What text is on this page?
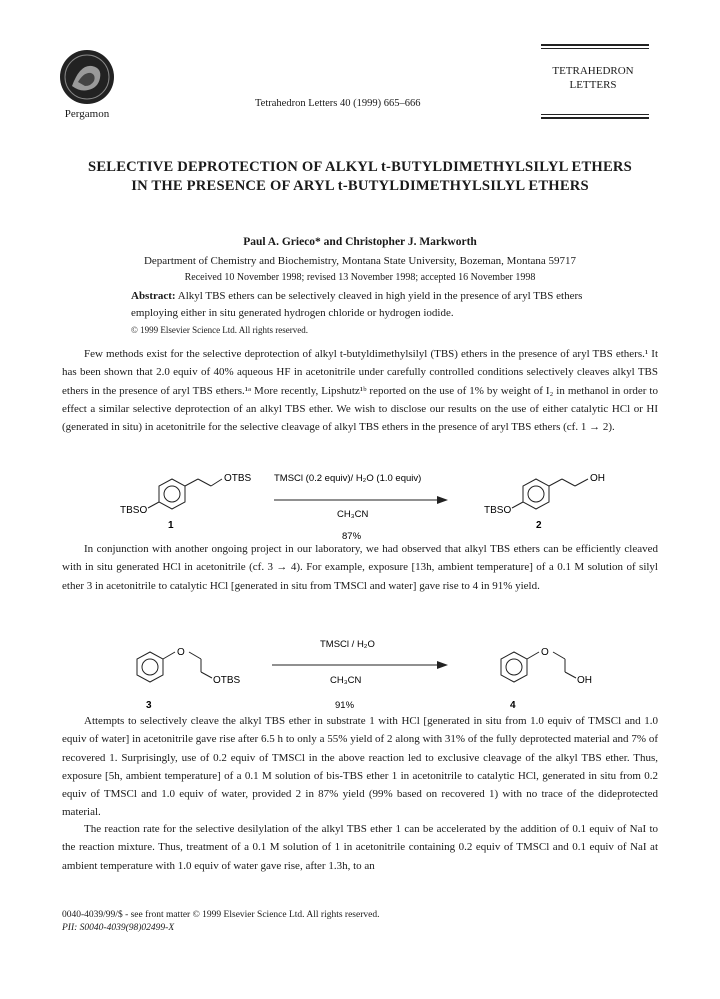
Pergamon
Tetrahedron Letters 40 (1999) 665–666
TETRAHEDRON
LETTERS
SELECTIVE DEPROTECTION OF ALKYL t-BUTYLDIMETHYLSILYL ETHERS
IN THE PRESENCE OF ARYL t-BUTYLDIMETHYLSILYL ETHERS
Paul A. Grieco* and Christopher J. Markworth
Department of Chemistry and Biochemistry, Montana State University, Bozeman, Montana 59717
Received 10 November 1998; revised 13 November 1998; accepted 16 November 1998
Abstract: Alkyl TBS ethers can be selectively cleaved in high yield in the presence of aryl TBS ethers employing either in situ generated hydrogen chloride or hydrogen iodide.
© 1999 Elsevier Science Ltd. All rights reserved.

Few methods exist for the selective deprotection of alkyl t-butyldimethylsilyl (TBS) ethers in the presence of aryl TBS ethers.¹ It has been shown that 2.0 equiv of 40% aqueous HF in acetonitrile under carefully controlled conditions selectively cleaves alkyl TBS ethers in the presence of aryl TBS ethers.¹ᵃ More recently, Lipshutz¹ᵇ reported on the use of 1% by weight of I₂ in methanol in order to effect a similar selective deprotection of an alkyl TBS ether. We wish to disclose our results on the use of either catalytic HCl or HI (generated in situ) in acetonitrile for the selective cleavage of alkyl TBS ethers in the presence of aryl TBS ethers (cf. 1 → 2).

OTBS
TBSO
1
TMSCl (0.2 equiv)/ H₂O (1.0 equiv)
CH₃CN
87%
OH
TBSO
2

In conjunction with another ongoing project in our laboratory, we had observed that alkyl TBS ethers can be efficiently cleaved with in situ generated HCl in acetonitrile (cf. 3 → 4). For example, exposure [13h, ambient temperature] of a 0.1 M solution of silyl ether 3 in acetonitrile to catalytic HCl [generated in situ from TMSCl and water] gave rise to 4 in 91% yield.

O
OTBS
3
TMSCl / H₂O
CH₃CN
91%
O
OH
4

Attempts to selectively cleave the alkyl TBS ether in substrate 1 with HCl [generated in situ from 1.0 equiv of TMSCl and 1.0 equiv of water] in acetonitrile gave rise after 6.5 h to only a 55% yield of 2 along with 31% of the fully deprotected material and 7% of recovered 1. Surprisingly, use of 0.2 equiv of TMSCl in the above reaction led to exclusive cleavage of the alkyl TBS ether. Thus, exposure [5h, ambient temperature] of a 0.1 M solution of bis-TBS ether 1 in acetonitrile to catalytic HCl, generated in situ from 0.2 equiv of TMSCl and 1.0 equiv of water, provided 2 in 87% yield (99% based on recovered 1) with no trace of the dideprotected material.

The reaction rate for the selective desilylation of the alkyl TBS ether 1 can be accelerated by the addition of 0.1 equiv of NaI to the reaction mixture. Thus, treatment of a 0.1 M solution of 1 in acetonitrile containing 0.2 equiv of TMSCl and 0.1 equiv of NaI at ambient temperature with 1.0 equiv of water gave rise, after 1.3h, to an

0040-4039/99/$ - see front matter © 1999 Elsevier Science Ltd. All rights reserved.
PII: S0040-4039(98)02499-X
